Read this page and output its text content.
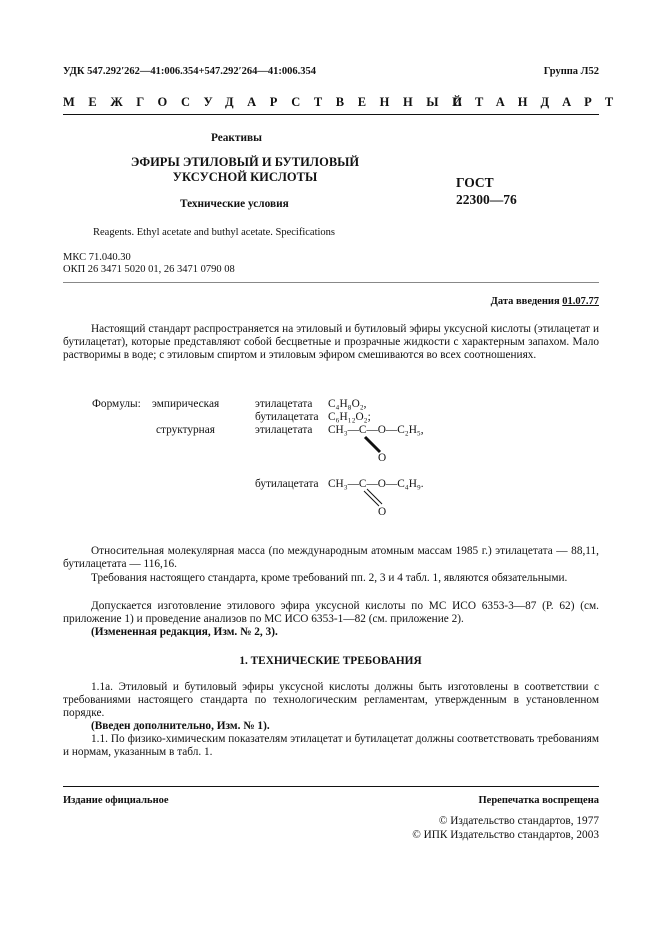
УДК 547.292′262—41:006.354+547.292′264—41:006.354	Группа Л52
МЕЖГОСУДАРСТВЕННЫЙ
СТАНДАРТ
Реактивы
ЭФИРЫ ЭТИЛОВЫЙ И БУТИЛОВЫЙ
УКСУСНОЙ КИСЛОТЫ
Технические условия
ГОСТ
22300—76
Reagents. Ethyl acetate and buthyl acetate. Specifications
МКС 71.040.30
ОКП 26 3471 5020 01, 26 3471 0790 08
Дата введения 01.07.77
Настоящий стандарт распространяется на этиловый и бутиловый эфиры уксусной кислоты (этилацетат и бутилацетат), которые представляют собой бесцветные и прозрачные жидкости с характерным запахом. Мало растворимы в воде; с этиловым спиртом и этиловым эфиром смешиваются во всех соотношениях.
Формулы: эмпирическая
структурная
этилацетата C₄H₈O₂,
бутилацетата C₆H₁₂O₂;
этилацетата CH₃—C—O—C₂H₅,
O
бутилацетата CH₃—C—O—C₄H₉.
O
Относительная молекулярная масса (по международным атомным массам 1985 г.) этилацетата — 88,11, бутилацетата — 116,16.
Требования настоящего стандарта, кроме требований пп. 2, 3 и 4 табл. 1, являются обязательными.
Допускается изготовление этилового эфира уксусной кислоты по МС ИСО 6353-3—87 (Р. 62) (см. приложение 1) и проведение анализов по МС ИСО 6353-1—82 (см. приложение 2).
(Измененная редакция, Изм. № 2, 3).
1. ТЕХНИЧЕСКИЕ ТРЕБОВАНИЯ
1.1а. Этиловый и бутиловый эфиры уксусной кислоты должны быть изготовлены в соответствии с требованиями настоящего стандарта по технологическим регламентам, утвержденным в установленном порядке.
(Введен дополнительно, Изм. № 1).
1.1. По физико-химическим показателям этилацетат и бутилацетат должны соответствовать требованиям и нормам, указанным в табл. 1.
Издание официальное	Перепечатка воспрещена
© Издательство стандартов, 1977
© ИПК Издательство стандартов, 2003
